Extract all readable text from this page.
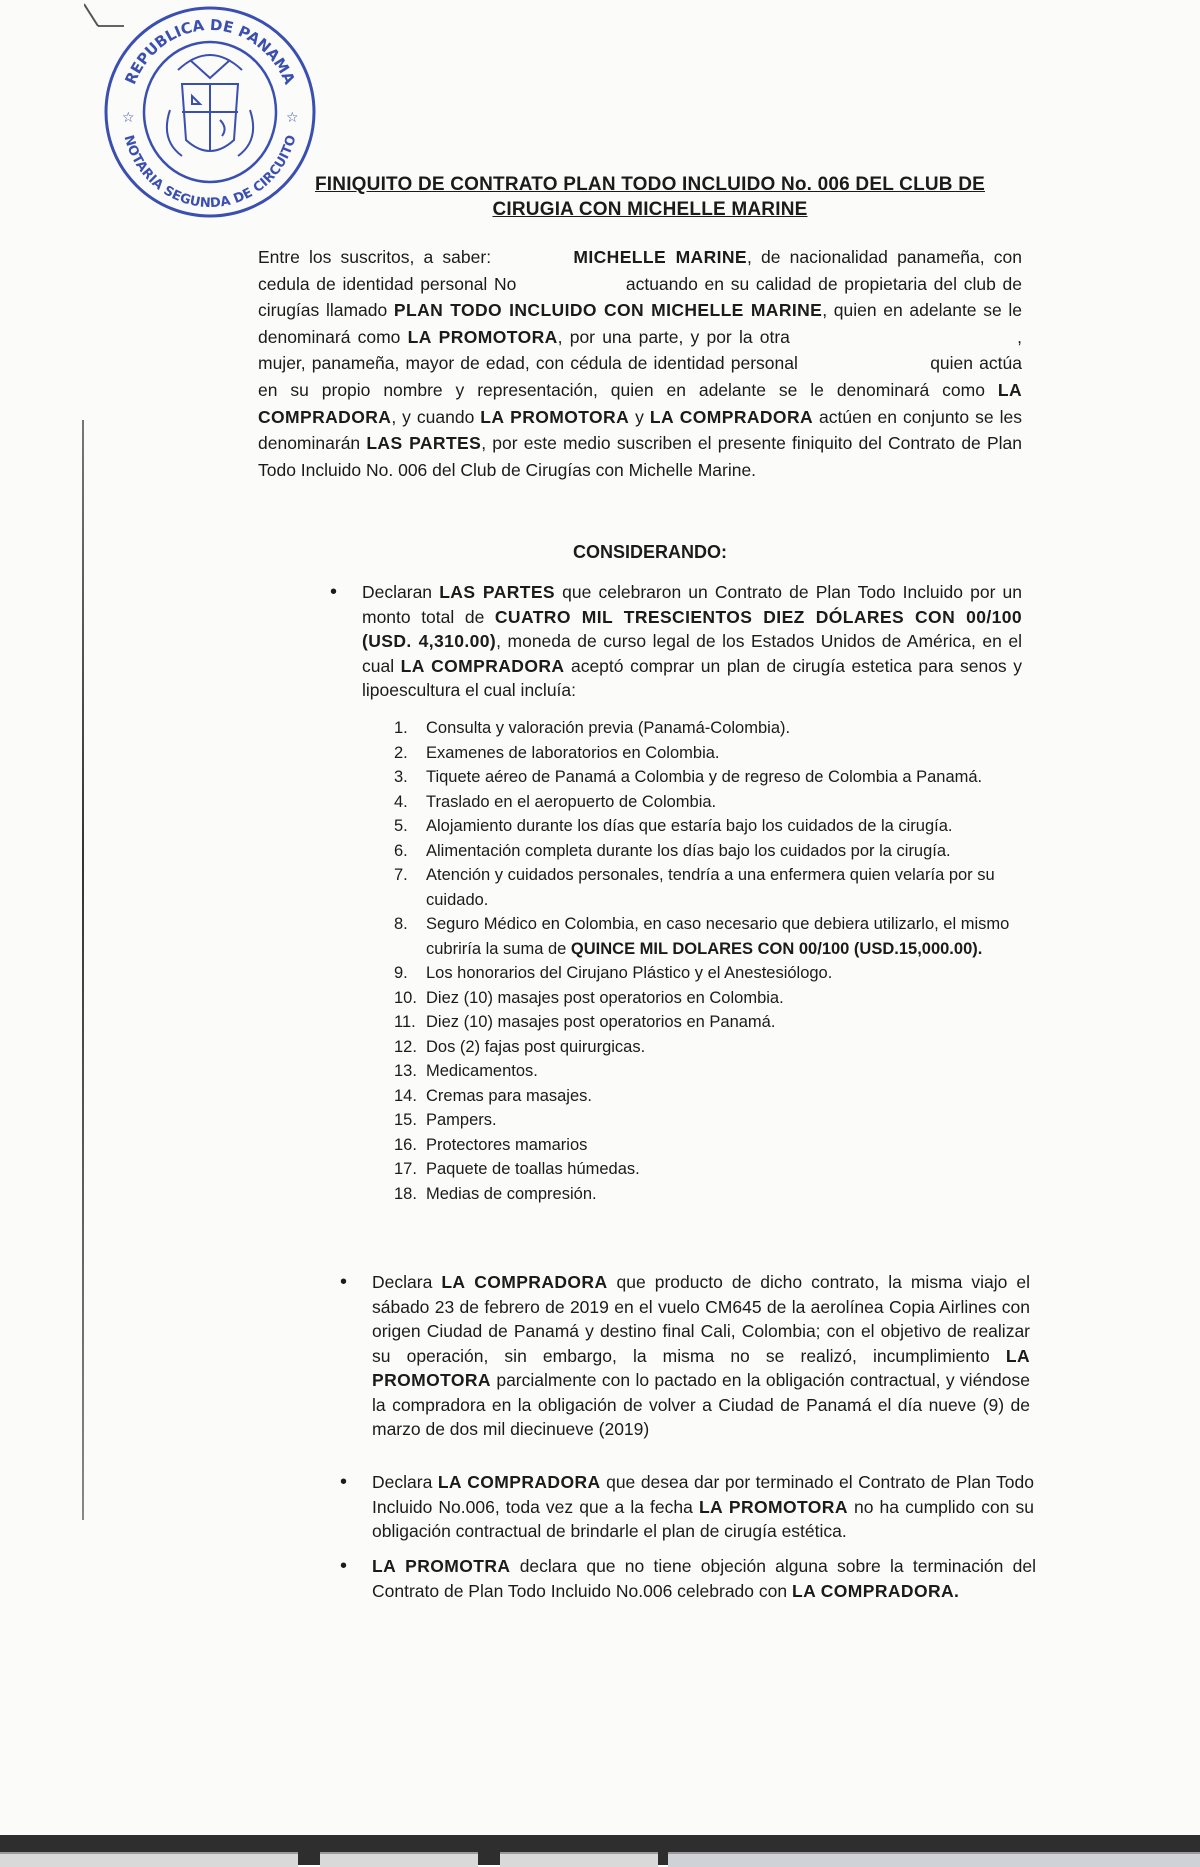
REPUBLICA DE PANAMA
NOTARIA SEGUNDA DE CIRCUITO
☆	☆
FINIQUITO DE CONTRATO PLAN TODO INCLUIDO No. 006 DEL CLUB DE
CIRUGIA CON MICHELLE MARINE

Entre los suscritos, a saber:	MICHELLE MARINE, de nacionalidad panameña, con cedula de identidad personal No	actuando en su calidad de propietaria del club de cirugías llamado PLAN TODO INCLUIDO CON MICHELLE MARINE, quien en adelante se le denominará como LA PROMOTORA, por una parte, y por la otra	, mujer, panameña, mayor de edad, con cédula de identidad personal	quien actúa en su propio nombre y representación, quien en adelante se le denominará como LA COMPRADORA, y cuando LA PROMOTORA y LA COMPRADORA actúen en conjunto se les denominarán LAS PARTES, por este medio suscriben el presente finiquito del Contrato de Plan Todo Incluido No. 006 del Club de Cirugías con Michelle Marine.

CONSIDERANDO:
• Declaran LAS PARTES que celebraron un Contrato de Plan Todo Incluido por un monto total de CUATRO MIL TRESCIENTOS DIEZ DÓLARES CON 00/100 (USD. 4,310.00), moneda de curso legal de los Estados Unidos de América, en el cual LA COMPRADORA aceptó comprar un plan de cirugía estetica para senos y lipoescultura el cual incluía:
1. Consulta y valoración previa (Panamá-Colombia).
2. Examenes de laboratorios en Colombia.
3. Tiquete aéreo de Panamá a Colombia y de regreso de Colombia a Panamá.
4. Traslado en el aeropuerto de Colombia.
5. Alojamiento durante los días que estaría bajo los cuidados de la cirugía.
6. Alimentación completa durante los días bajo los cuidados por la cirugía.
7. Atención y cuidados personales, tendría a una enfermera quien velaría por su cuidado.
8. Seguro Médico en Colombia, en caso necesario que debiera utilizarlo, el mismo cubriría la suma de QUINCE MIL DOLARES CON 00/100 (USD.15,000.00).
9. Los honorarios del Cirujano Plástico y el Anestesiólogo.
10. Diez (10) masajes post operatorios en Colombia.
11. Diez (10) masajes post operatorios en Panamá.
12. Dos (2) fajas post quirurgicas.
13. Medicamentos.
14. Cremas para masajes.
15. Pampers.
16. Protectores mamarios
17. Paquete de toallas húmedas.
18. Medias de compresión.
• Declara LA COMPRADORA que producto de dicho contrato, la misma viajo el sábado 23 de febrero de 2019 en el vuelo CM645 de la aerolínea Copia Airlines con origen Ciudad de Panamá y destino final Cali, Colombia; con el objetivo de realizar su operación, sin embargo, la misma no se realizó, incumplimiento LA PROMOTORA parcialmente con lo pactado en la obligación contractual, y viéndose la compradora en la obligación de volver a Ciudad de Panamá el día nueve (9) de marzo de dos mil diecinueve (2019)
• Declara LA COMPRADORA que desea dar por terminado el Contrato de Plan Todo Incluido No.006, toda vez que a la fecha LA PROMOTORA no ha cumplido con su obligación contractual de brindarle el plan de cirugía estética.
• LA PROMOTRA declara que no tiene objeción alguna sobre la terminación del Contrato de Plan Todo Incluido No.006 celebrado con LA COMPRADORA.
